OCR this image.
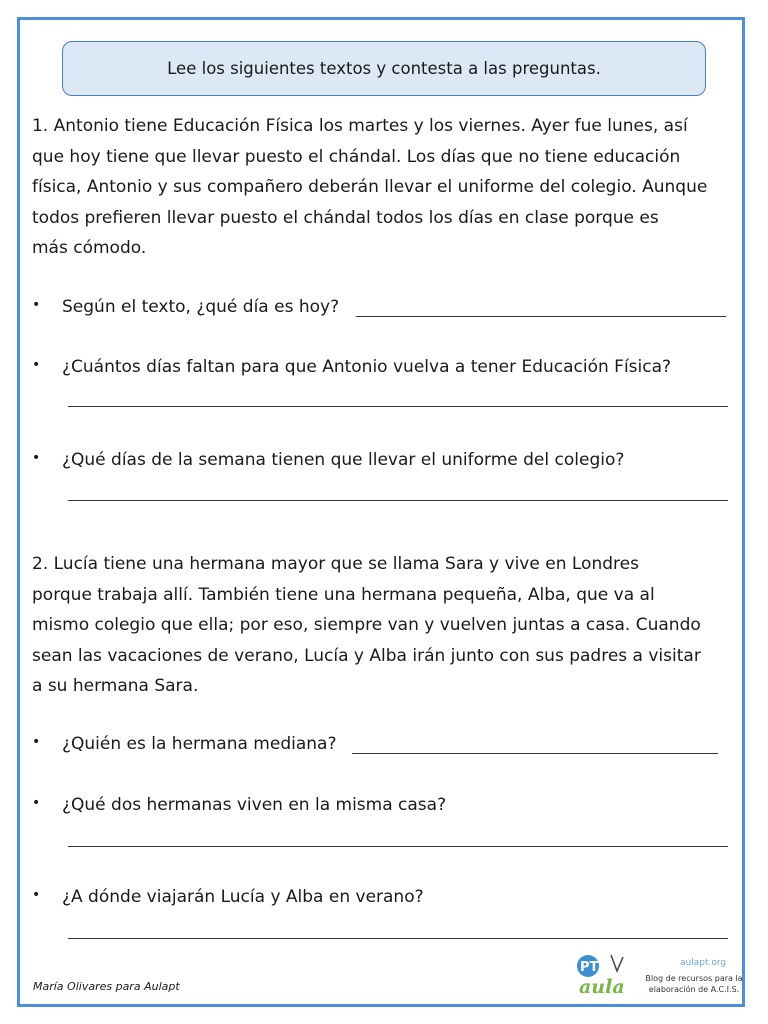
Lee los siguientes textos y contesta a las preguntas.
1. Antonio tiene Educación Física los martes y los viernes. Ayer fue lunes, así
que hoy tiene que llevar puesto el chándal. Los días que no tiene educación
física, Antonio y sus compañero deberán llevar el uniforme del colegio. Aunque
todos prefieren llevar puesto el chándal todos los días en clase porque es
más cómodo.
• Según el texto, ¿qué día es hoy?
• ¿Cuántos días faltan para que Antonio vuelva a tener Educación Física?
• ¿Qué días de la semana tienen que llevar el uniforme del colegio?
2. Lucía tiene una hermana mayor que se llama Sara y vive en Londres
porque trabaja allí. También tiene una hermana pequeña, Alba, que va al
mismo colegio que ella; por eso, siempre van y vuelven juntas a casa. Cuando
sean las vacaciones de verano, Lucía y Alba irán junto con sus padres a visitar
a su hermana Sara.
• ¿Quién es la hermana mediana?
• ¿Qué dos hermanas viven en la misma casa?
• ¿A dónde viajarán Lucía y Alba en verano?
María Olivares para Aulapt
PT
aula
aulapt.org
Blog de recursos para la
elaboración de A.C.I.S.
